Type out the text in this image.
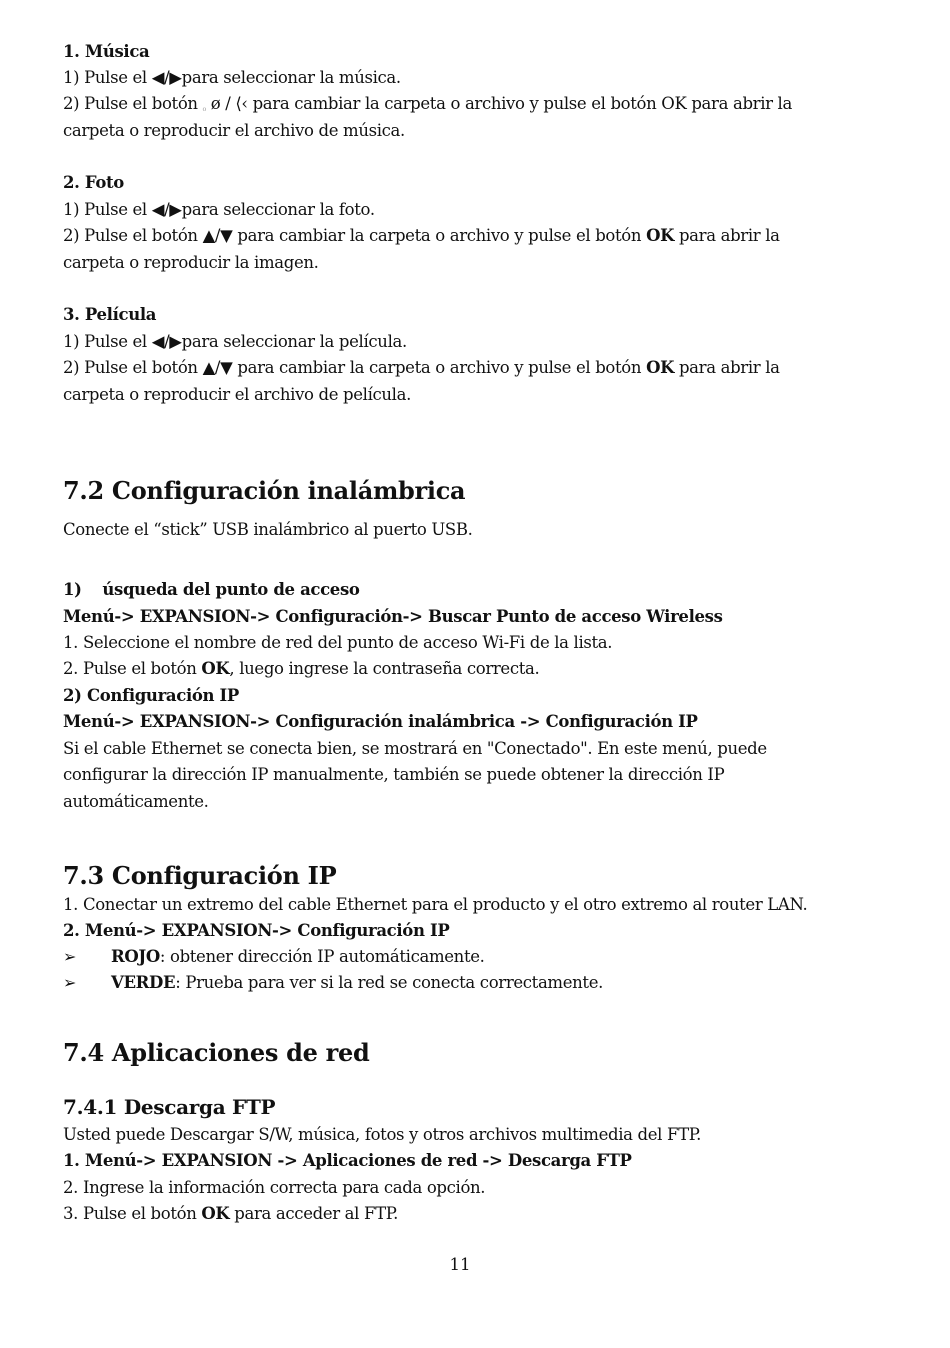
1. Música
1) Pulse el ◀/▶para seleccionar la música.
2) Pulse el botón ₀ ø / ⟨‹ para cambiar la carpeta o archivo y pulse el botón OK para abrir la
carpeta o reproducir el archivo de música.
2. Foto
1) Pulse el ◀/▶para seleccionar la foto.
2) Pulse el botón ▲/▼ para cambiar la carpeta o archivo y pulse el botón OK para abrir la
carpeta o reproducir la imagen.
3. Película
1) Pulse el ◀/▶para seleccionar la película.
2) Pulse el botón ▲/▼ para cambiar la carpeta o archivo y pulse el botón OK para abrir la
carpeta o reproducir el archivo de película.
7.2 Configuración inalámbrica
Conecte el “stick” USB inalámbrico al puerto USB.
1) úsqueda del punto de acceso
Menú-> EXPANSION-> Configuración-> Buscar Punto de acceso Wireless
1. Seleccione el nombre de red del punto de acceso Wi-Fi de la lista.
2. Pulse el botón OK, luego ingrese la contraseña correcta.
2) Configuración IP
Menú-> EXPANSION-> Configuración inalámbrica -> Configuración IP
Si el cable Ethernet se conecta bien, se mostrará en "Conectado". En este menú, puede
configurar la dirección IP manualmente, también se puede obtener la dirección IP
automáticamente.
7.3 Configuración IP
1. Conectar un extremo del cable Ethernet para el producto y el otro extremo al router LAN.
2. Menú-> EXPANSION-> Configuración IP
➢ ROJO: obtener dirección IP automáticamente.
➢ VERDE: Prueba para ver si la red se conecta correctamente.
7.4 Aplicaciones de red
7.4.1 Descarga FTP
Usted puede Descargar S/W, música, fotos y otros archivos multimedia del FTP.
1. Menú-> EXPANSION -> Aplicaciones de red -> Descarga FTP
2. Ingrese la información correcta para cada opción.
3. Pulse el botón OK para acceder al FTP.
11
